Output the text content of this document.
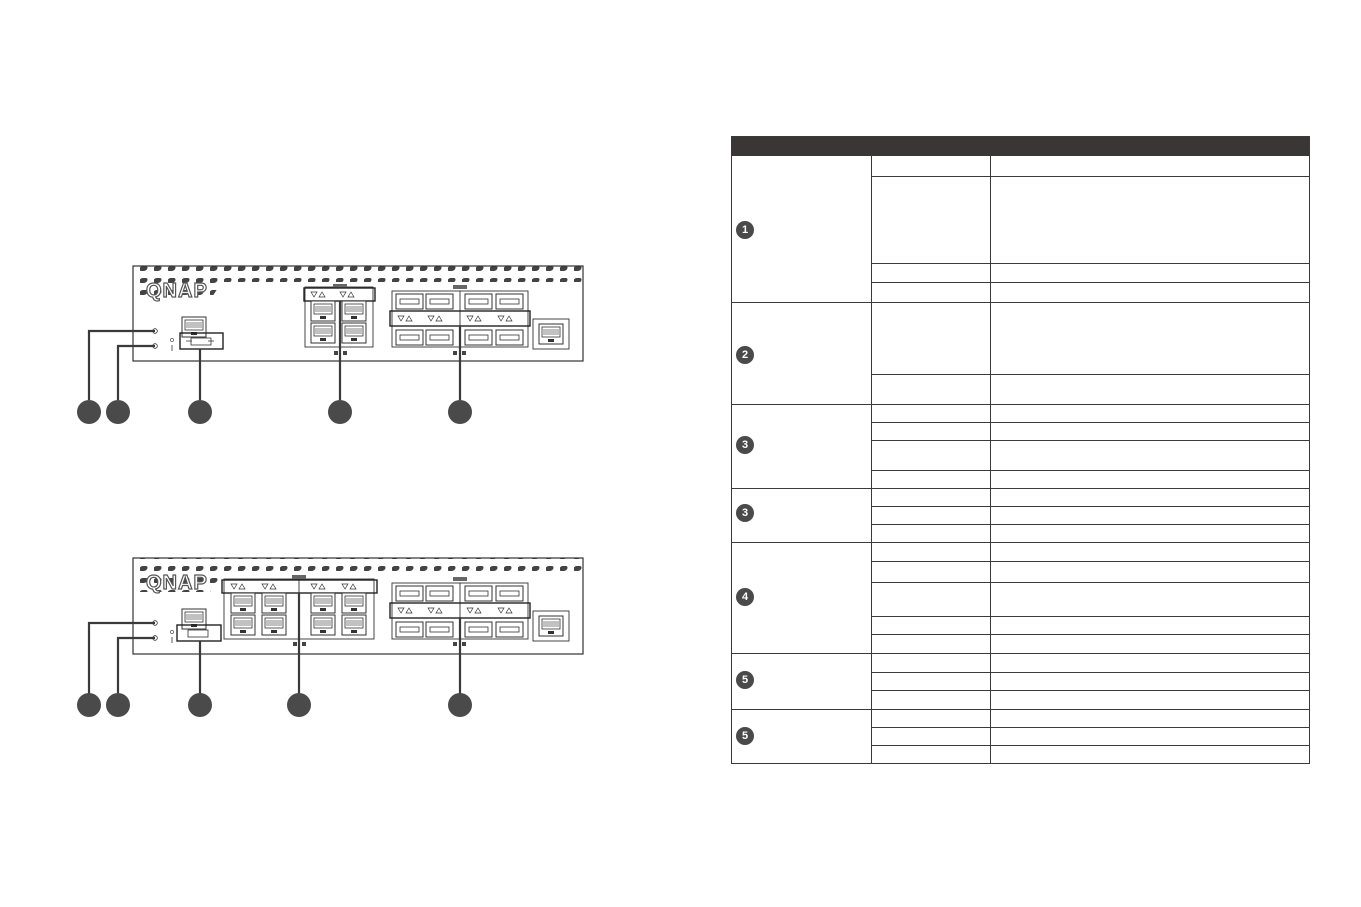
QNAP
QNAP
1
2
3
3
4
5
5
